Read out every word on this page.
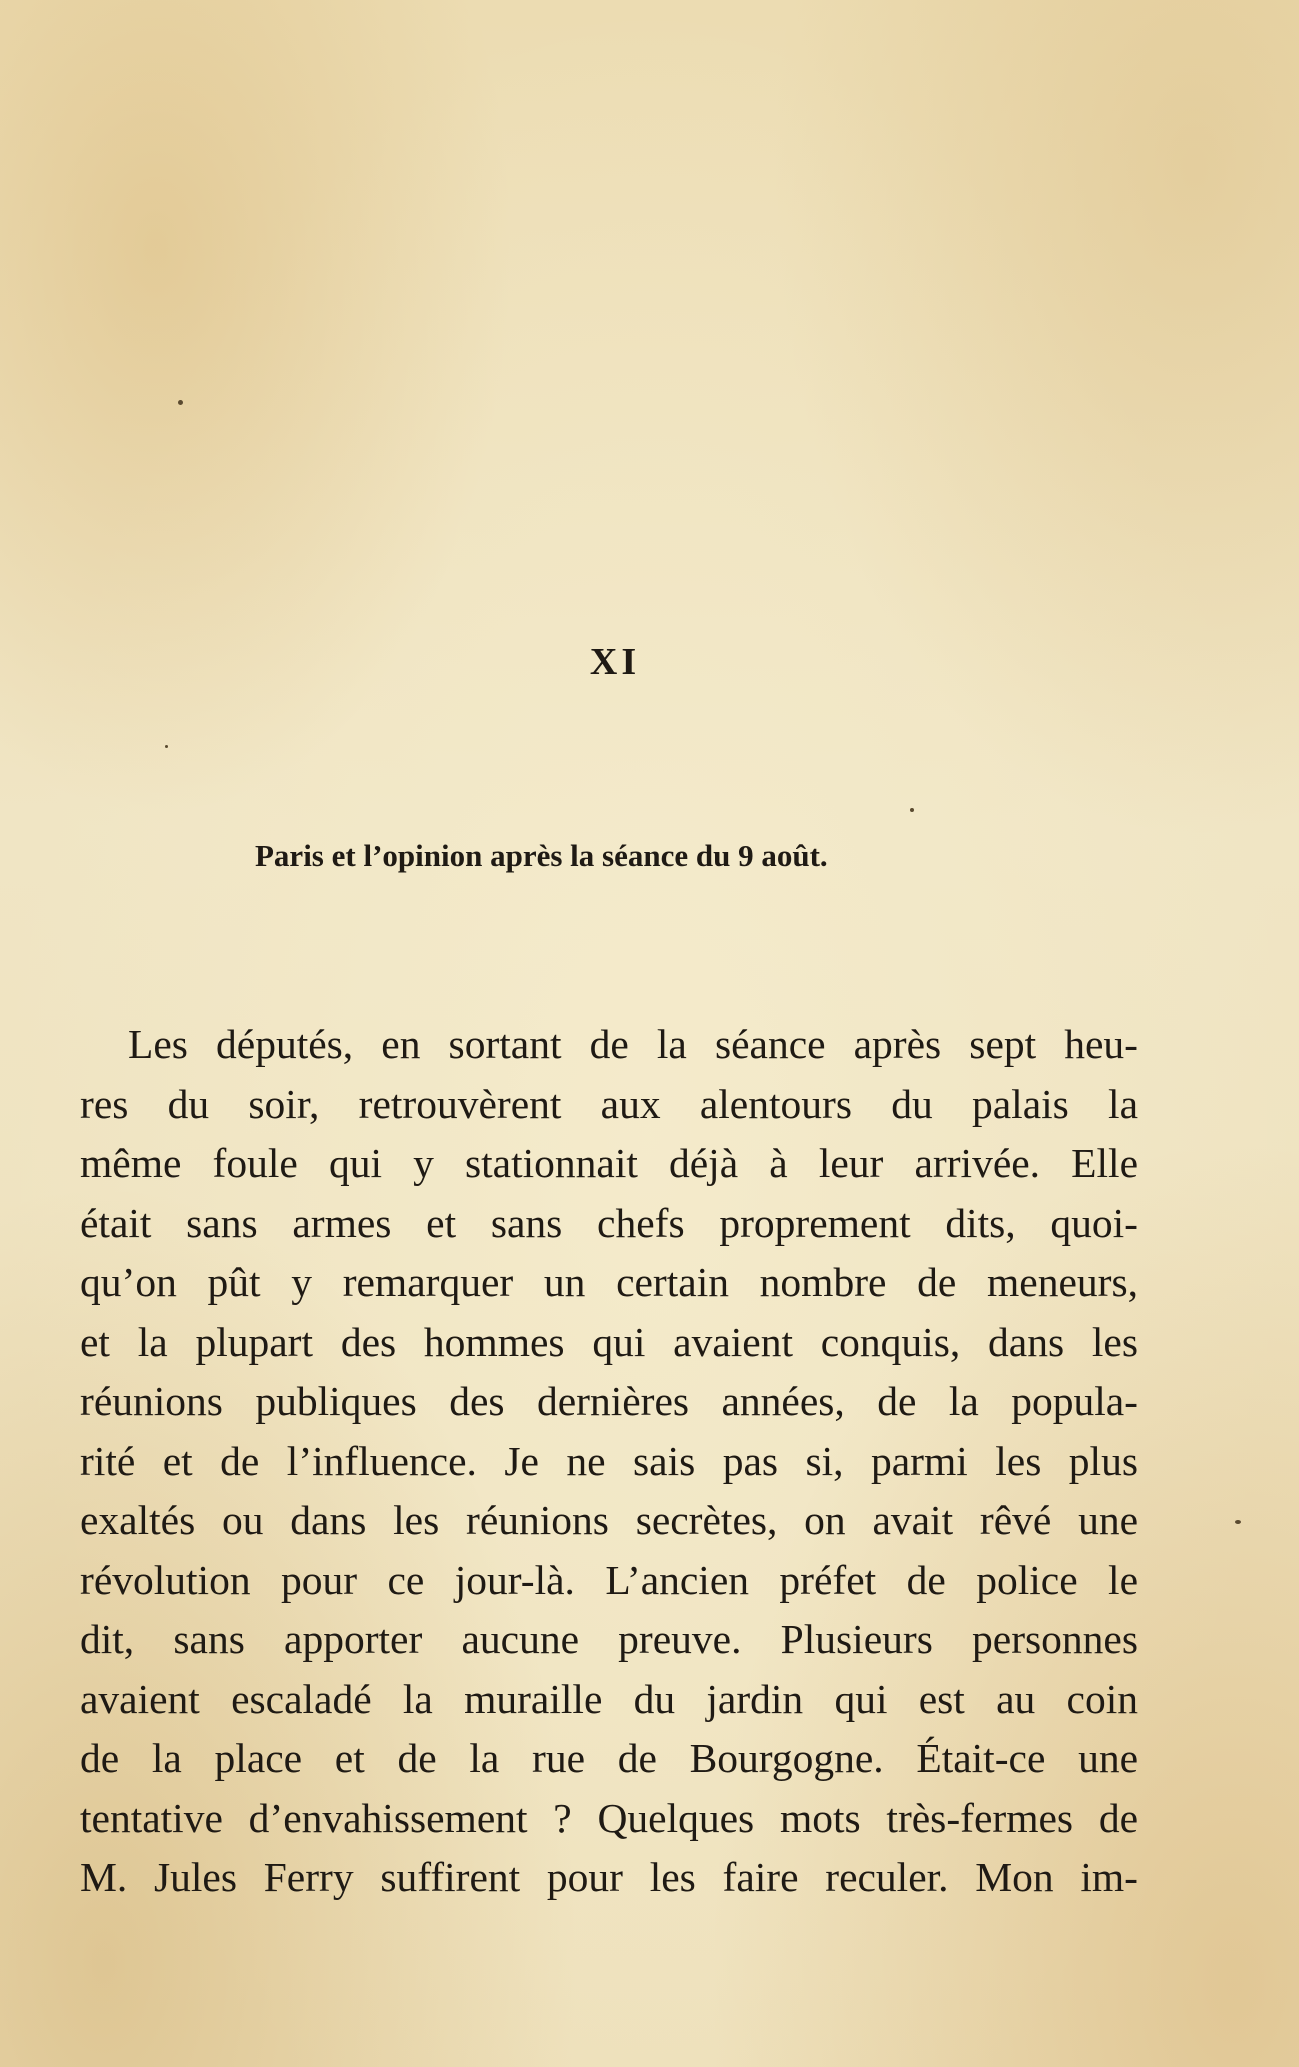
XI
Paris et l’opinion après la séance du 9 août.
Les députés, en sortant de la séance après sept heu-
res du soir, retrouvèrent aux alentours du palais la
même foule qui y stationnait déjà à leur arrivée. Elle
était sans armes et sans chefs proprement dits, quoi-
qu’on pût y remarquer un certain nombre de meneurs,
et la plupart des hommes qui avaient conquis, dans les
réunions publiques des dernières années, de la popula-
rité et de l’influence. Je ne sais pas si, parmi les plus
exaltés ou dans les réunions secrètes, on avait rêvé une
révolution pour ce jour-là. L’ancien préfet de police le
dit, sans apporter aucune preuve. Plusieurs personnes
avaient escaladé la muraille du jardin qui est au coin
de la place et de la rue de Bourgogne. Était-ce une
tentative d’envahissement ? Quelques mots très-fermes de
M. Jules Ferry suffirent pour les faire reculer. Mon im-
